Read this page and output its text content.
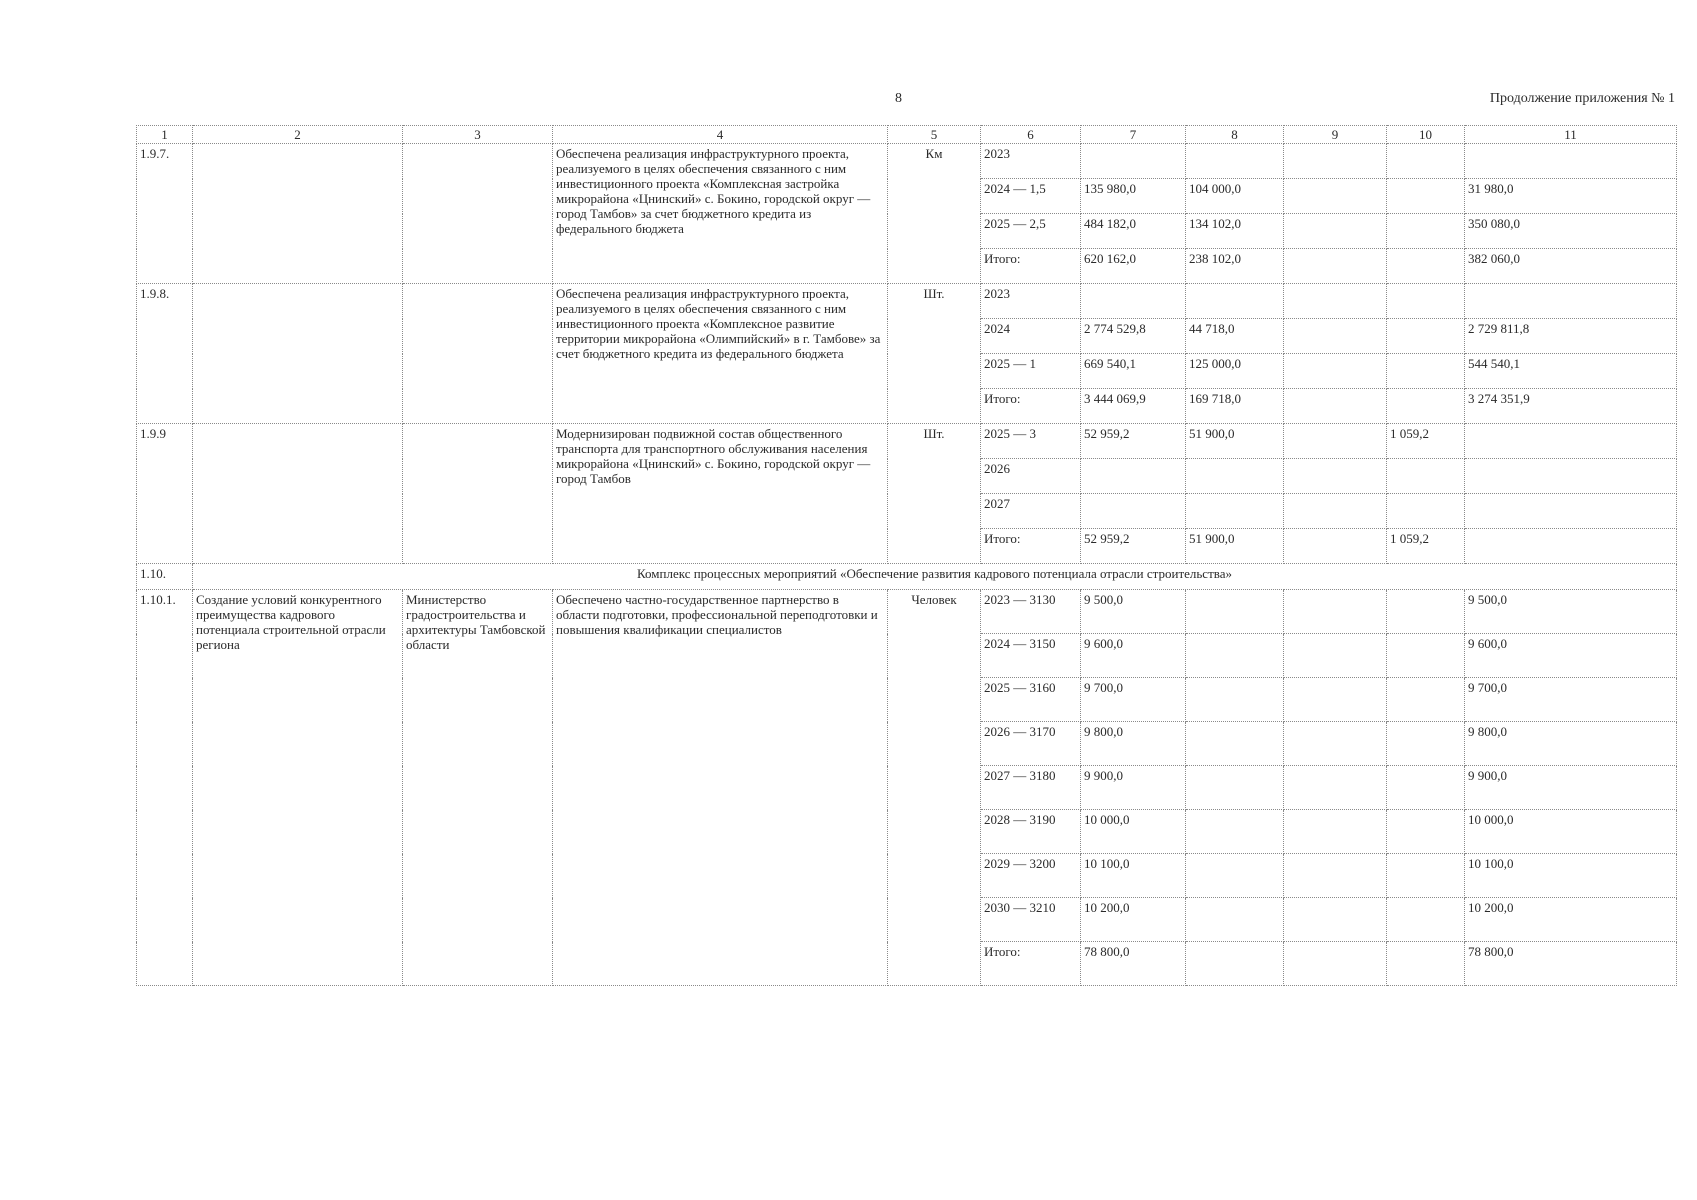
8	Продолжение приложения № 1
1	2	3	4	5	6	7	8	9	10	11
1.9.7.			Обеспечена реализация инфраструктурного проекта, реализуемого в целях обеспечения связанного с ним инвестиционного проекта «Комплексная застройка микрорайона «Цнинский» с. Бокино, городской округ — город Тамбов» за счет бюджетного кредита из федерального бюджета	Км	2023					
					2024 — 1,5	135 980,0	104 000,0			31 980,0
					2025 — 2,5	484 182,0	134 102,0			350 080,0
					Итого:	620 162,0	238 102,0			382 060,0
1.9.8.			Обеспечена реализация инфраструктурного проекта, реализуемого в целях обеспечения связанного с ним инвестиционного проекта «Комплексное развитие территории микрорайона «Олимпийский» в г. Тамбове» за счет бюджетного кредита из федерального бюджета	Шт.	2023					
					2024	2 774 529,8	44 718,0			2 729 811,8
					2025 — 1	669 540,1	125 000,0			544 540,1
					Итого:	3 444 069,9	169 718,0			3 274 351,9
1.9.9			Модернизирован подвижной состав общественного транспорта для транспортного обслуживания населения микрорайона «Цнинский» с. Бокино, городской округ — город Тамбов	Шт.	2025 — 3	52 959,2	51 900,0		1 059,2	
					2026					
					2027					
					Итого:	52 959,2	51 900,0		1 059,2	
1.10.	Комплекс процессных мероприятий «Обеспечение развития кадрового потенциала отрасли строительства»									
1.10.1.	Создание условий конкурентного преимущества кадрового потенциала строительной отрасли региона	Министерство градостроительства и архитектуры Тамбовской области	Обеспечено частно-государственное партнерство в области подготовки, профессиональной переподготовки и повышения квалификации специалистов	Человек	2023 — 3130	9 500,0				9 500,0
					2024 — 3150	9 600,0				9 600,0
					2025 — 3160	9 700,0				9 700,0
					2026 — 3170	9 800,0				9 800,0
					2027 — 3180	9 900,0				9 900,0
					2028 — 3190	10 000,0				10 000,0
					2029 — 3200	10 100,0				10 100,0
					2030 — 3210	10 200,0				10 200,0
					Итого:	78 800,0				78 800,0
